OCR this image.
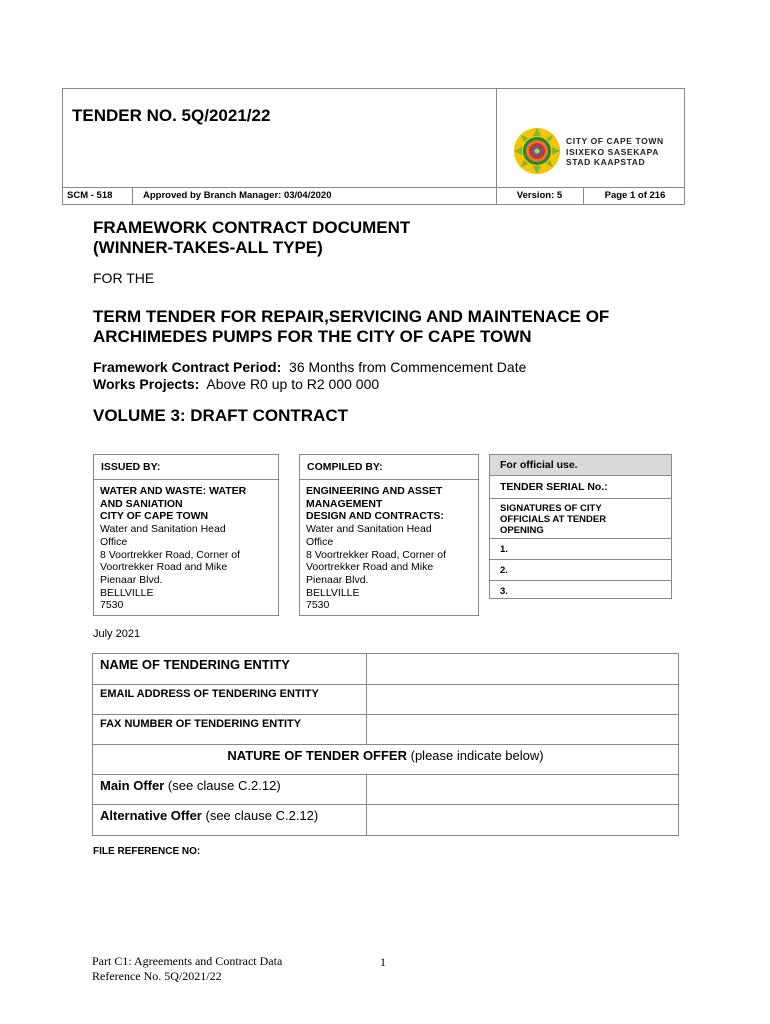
TENDER NO. 5Q/2021/22
CITY OF CAPE TOWN
ISIXEKO SASEKAPA
STAD KAAPSTAD
SCM - 518	Approved by Branch Manager: 03/04/2020	Version: 5	Page 1 of 216
FRAMEWORK CONTRACT DOCUMENT
(WINNER-TAKES-ALL TYPE)
FOR THE
TERM TENDER FOR REPAIR,SERVICING AND MAINTENACE OF
ARCHIMEDES PUMPS FOR THE CITY OF CAPE TOWN
Framework Contract Period: 36 Months from Commencement Date
Works Projects: Above R0 up to R2 000 000
VOLUME 3: DRAFT CONTRACT
ISSUED BY:
WATER AND WASTE: WATER
AND SANIATION
CITY OF CAPE TOWN
Water and Sanitation Head
Office
8 Voortrekker Road, Corner of
Voortrekker Road and Mike
Pienaar Blvd.
BELLVILLE
7530
COMPILED BY:
ENGINEERING AND ASSET
MANAGEMENT
DESIGN AND CONTRACTS:
Water and Sanitation Head
Office
8 Voortrekker Road, Corner of
Voortrekker Road and Mike
Pienaar Blvd.
BELLVILLE
7530
For official use.
TENDER SERIAL No.:
SIGNATURES OF CITY
OFFICIALS AT TENDER
OPENING
1.
2.
3.
July 2021
NAME OF TENDERING ENTITY
EMAIL ADDRESS OF TENDERING ENTITY
FAX NUMBER OF TENDERING ENTITY
NATURE OF TENDER OFFER
(please indicate below)
Main Offer (see clause C.2.12)
Alternative Offer (see clause C.2.12)
FILE REFERENCE NO:
Part C1: Agreements and Contract Data
Reference No. 5Q/2021/22
1
